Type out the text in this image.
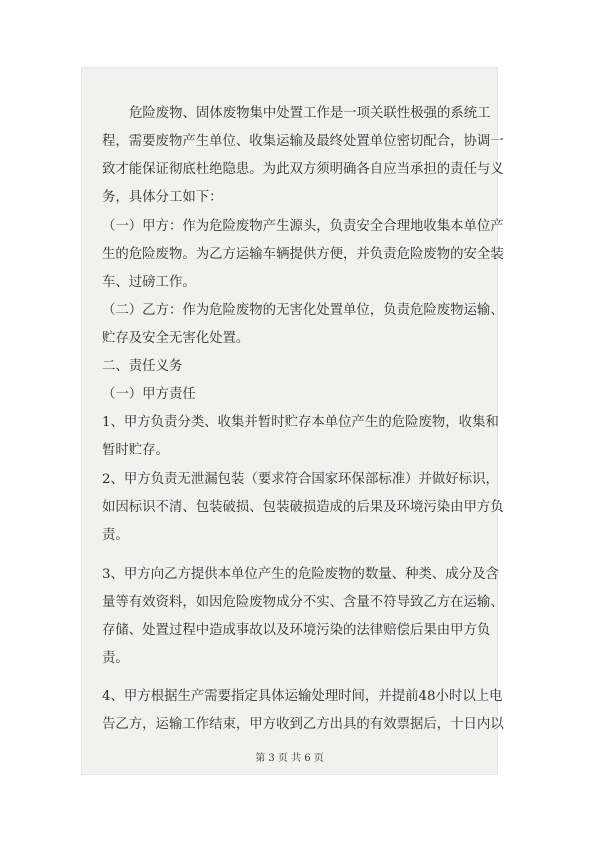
危险废物、固体废物集中处置工作是一项关联性极强的系统工
程，需要废物产生单位、收集运输及最终处置单位密切配合，协调一
致才能保证彻底杜绝隐患。为此双方须明确各自应当承担的责任与义
务，具体分工如下：
（一）甲方：作为危险废物产生源头，负责安全合理地收集本单位产
生的危险废物。为乙方运输车辆提供方便，并负责危险废物的安全装
车、过磅工作。
（二）乙方：作为危险废物的无害化处置单位，负责危险废物运输、
贮存及安全无害化处置。
二、责任义务
（一）甲方责任
1、甲方负责分类、收集并暂时贮存本单位产生的危险废物，收集和
暂时贮存。
2、甲方负责无泄漏包装（要求符合国家环保部标准）并做好标识，
如因标识不清、包装破损、包装破损造成的后果及环境污染由甲方负
责。
3、甲方向乙方提供本单位产生的危险废物的数量、种类、成分及含
量等有效资料，如因危险废物成分不实、含量不符导致乙方在运输、
存储、处置过程中造成事故以及环境污染的法律赔偿后果由甲方负
责。
4、甲方根据生产需要指定具体运输处理时间，并提前48小时以上电
告乙方，运输工作结束，甲方收到乙方出具的有效票据后，十日内以
第 3 页 共 6 页
